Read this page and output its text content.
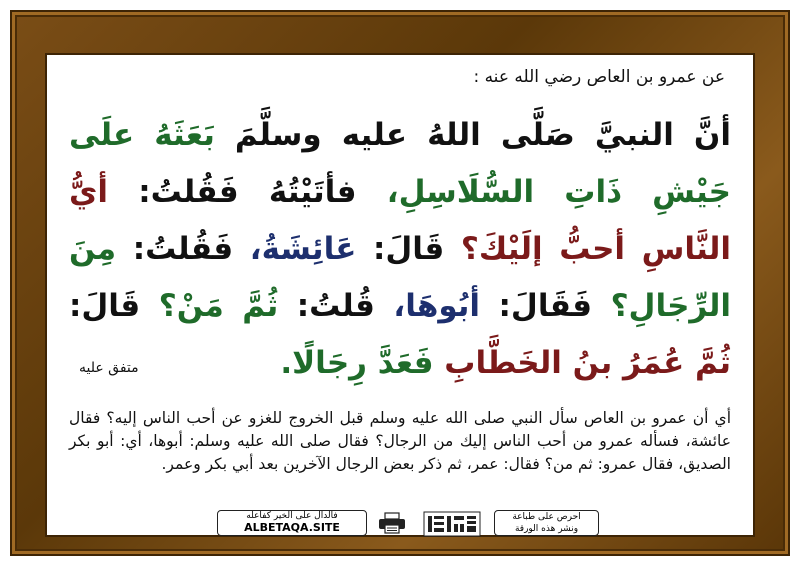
عن عمرو بن العاص رضي الله عنه :
أنَّ النبيَّ صَلَّى اللهُ عليه وسلَّمَ بَعَثَهُ علَى جَيْشِ ذَاتِ السُّلَاسِلِ، فأتَيْتُهُ فَقُلتُ: أيُّ النَّاسِ أحبُّ إلَيْكَ؟ قَالَ: عَائِشَةُ، فَقُلتُ: مِنَ الرِّجَالِ؟ فَقَالَ: أبُوهَا، قُلتُ: ثُمَّ مَنْ؟ قَالَ: ثُمَّ عُمَرُ بنُ الخَطَّابِ فَعَدَّ رِجَالًا.
متفق عليه
أي أن عمرو بن العاص سأل النبي صلى الله عليه وسلم قبل الخروج للغزو عن أحب الناس إليه؟ فقال عائشة، فسأله عمرو من أحب الناس إليك من الرجال؟ فقال صلى الله عليه وسلم: أبوها، أي: أبو بكر الصديق، فقال عمرو: ثم من؟ فقال: عمر، ثم ذكر بعض الرجال الآخرين بعد أبي بكر وعمر.
فالدال على الخير كفاعله
ALBETAQA.SITE
احرص على طباعة
ونشر هذه الورقة
